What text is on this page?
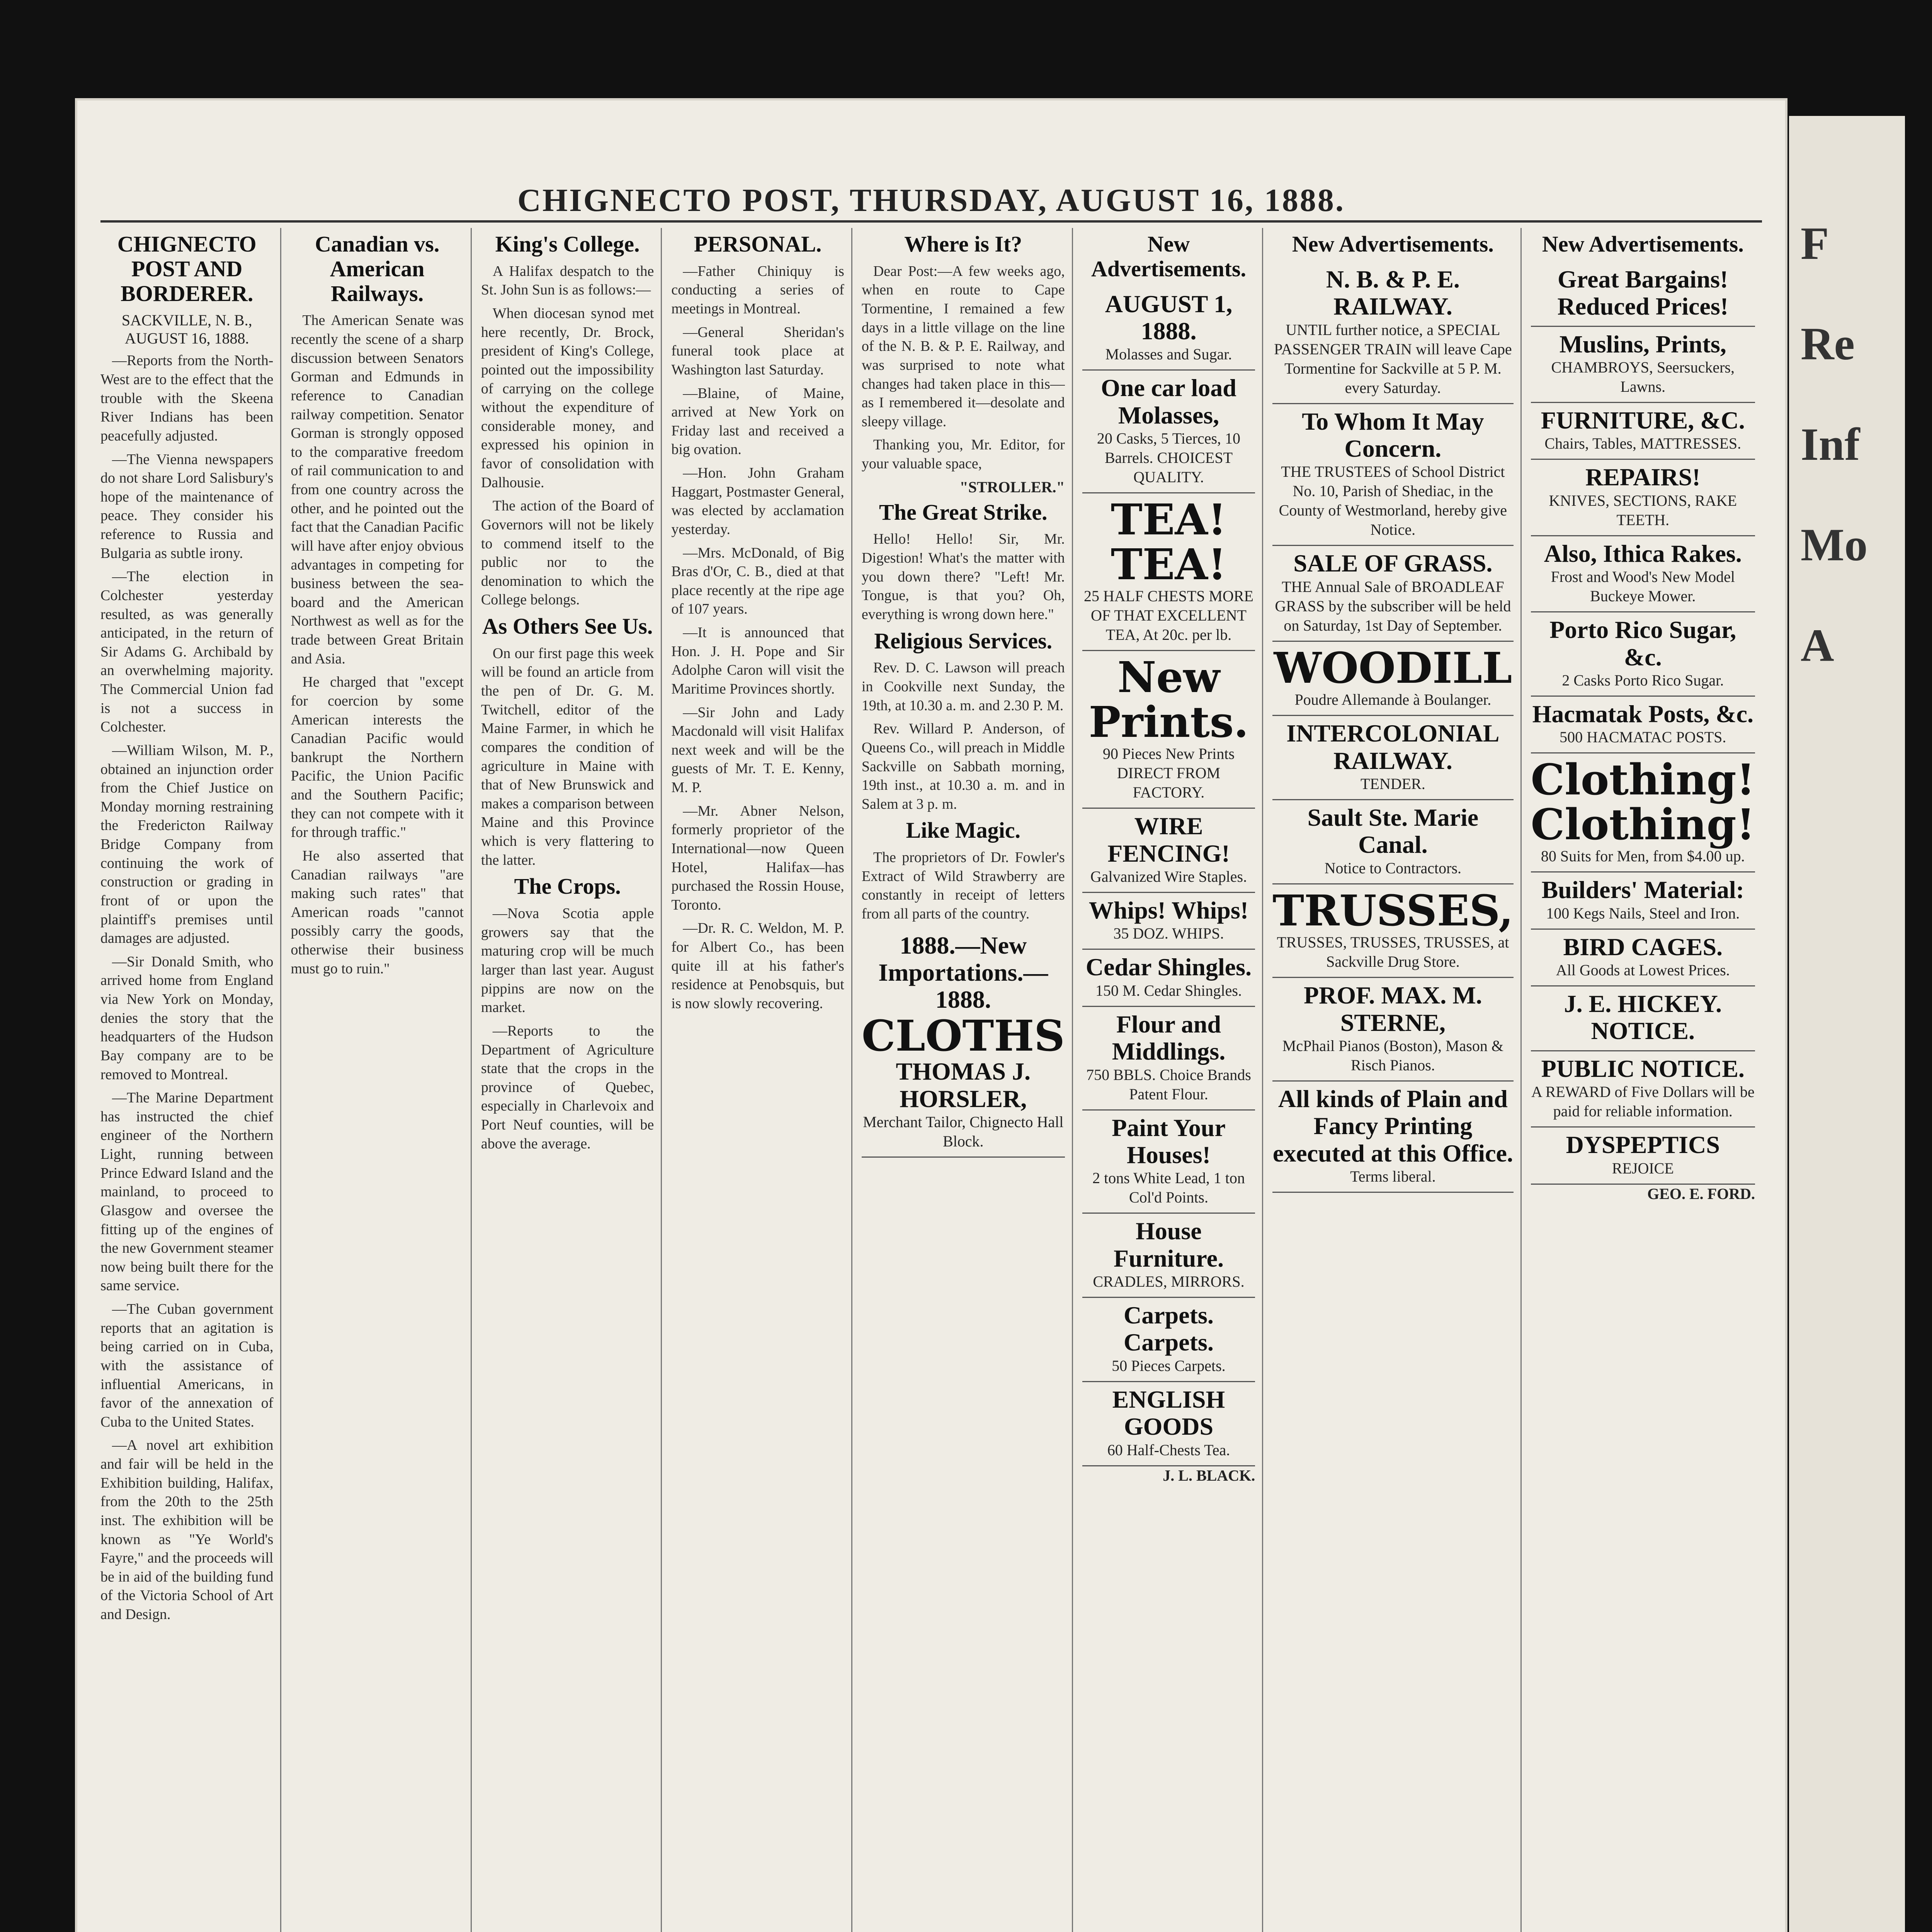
F
Re
Inf
Mo
A
CHIGNECTO POST, THURSDAY, AUGUST 16, 1888.
CHIGNECTO POST AND BORDERER.
SACKVILLE, N. B., AUGUST 16, 1888.

—Reports from the North-West are to the effect that the trouble with the Skeena River Indians has been peacefully adjusted.

—The Vienna newspapers do not share Lord Salisbury's hope of the maintenance of peace. They consider his reference to Russia and Bulgaria as subtle irony.

—The election in Colchester yesterday resulted, as was generally anticipated, in the return of Sir Adams G. Archibald by an overwhelming majority. The Commercial Union fad is not a success in Colchester.

—William Wilson, M. P., obtained an injunction order from the Chief Justice on Monday morning restraining the Fredericton Railway Bridge Company from continuing the work of construction or grading in front of or upon the plaintiff's premises until damages are adjusted.

—Sir Donald Smith, who arrived home from England via New York on Monday, denies the story that the headquarters of the Hudson Bay company are to be removed to Montreal.

—The Marine Department has instructed the chief engineer of the Northern Light, running between Prince Edward Island and the mainland, to proceed to Glasgow and oversee the fitting up of the engines of the new Government steamer now being built there for the same service.

—The Cuban government reports that an agitation is being carried on in Cuba, with the assistance of influential Americans, in favor of the annexation of Cuba to the United States.

—A novel art exhibition and fair will be held in the Exhibition building, Halifax, from the 20th to the 25th inst. The exhibition will be known as "Ye World's Fayre," and the proceeds will be in aid of the building fund of the Victoria School of Art and Design.

Canadian vs. American Railways.

The American Senate was recently the scene of a sharp discussion between Senators Gorman and Edmunds in reference to Canadian railway competition. Senator Gorman is strongly opposed to the comparative freedom of rail communication to and from one country across the other, and he pointed out the fact that the Canadian Pacific will have after enjoy obvious advantages in competing for business between the sea-board and the American Northwest as well as for the trade between Great Britain and Asia.

He charged that "except for coercion by some American interests the Canadian Pacific would bankrupt the Northern Pacific, the Union Pacific and the Southern Pacific; they can not compete with it for through traffic."

He also asserted that Canadian railways "are making such rates" that American roads "cannot possibly carry the goods, otherwise their business must go to ruin."

King's College.

A Halifax despatch to the St. John Sun is as follows:—

When diocesan synod met here recently, Dr. Brock, president of King's College, pointed out the impossibility of carrying on the college without the expenditure of considerable money, and expressed his opinion in favor of consolidation with Dalhousie.

The action of the Board of Governors will not be likely to commend itself to the public nor to the denomination to which the College belongs.

As Others See Us.

On our first page this week will be found an article from the pen of Dr. G. M. Twitchell, editor of the Maine Farmer, in which he compares the condition of agriculture in Maine with that of New Brunswick and makes a comparison between Maine and this Province which is very flattering to the latter.

The Crops.

—Nova Scotia apple growers say that the maturing crop will be much larger than last year. August pippins are now on the market.

—Reports to the Department of Agriculture state that the crops in the province of Quebec, especially in Charlevoix and Port Neuf counties, will be above the average.

PERSONAL.

—Father Chiniquy is conducting a series of meetings in Montreal.

—General Sheridan's funeral took place at Washington last Saturday.

—Blaine, of Maine, arrived at New York on Friday last and received a big ovation.

—Hon. John Graham Haggart, Postmaster General, was elected by acclamation yesterday.

—Mrs. McDonald, of Big Bras d'Or, C. B., died at that place recently at the ripe age of 107 years.

—It is announced that Hon. J. H. Pope and Sir Adolphe Caron will visit the Maritime Provinces shortly.

—Sir John and Lady Macdonald will visit Halifax next week and will be the guests of Mr. T. E. Kenny, M. P.

—Mr. Abner Nelson, formerly proprietor of the International—now Queen Hotel, Halifax—has purchased the Rossin House, Toronto.

—Dr. R. C. Weldon, M. P. for Albert Co., has been quite ill at his father's residence at Penobsquis, but is now slowly recovering.

Where is It?

Dear Post:—A few weeks ago, when en route to Cape Tormentine, I remained a few days in a little village on the line of the N. B. & P. E. Railway, and was surprised to note what changes had taken place in this—as I remembered it—desolate and sleepy village.

Thanking you, Mr. Editor, for your valuable space,

"STROLLER."
The Great Strike.

Hello! Hello! Sir, Mr. Digestion! What's the matter with you down there? "Left! Mr. Tongue, is that you? Oh, everything is wrong down here."

Religious Services.

Rev. D. C. Lawson will preach in Cookville next Sunday, the 19th, at 10.30 a. m. and 2.30 P. M.

Rev. Willard P. Anderson, of Queens Co., will preach in Middle Sackville on Sabbath morning, 19th inst., at 10.30 a. m. and in Salem at 3 p. m.

Like Magic.

The proprietors of Dr. Fowler's Extract of Wild Strawberry are constantly in receipt of letters from all parts of the country.

1888.—New Importations.—1888.
CLOTHS
THOMAS J. HORSLER,
Merchant Tailor, Chignecto Hall Block.
New Advertisements.
AUGUST 1, 1888.
Molasses and Sugar.
One car load Molasses,
20 Casks, 5 Tierces, 10 Barrels. CHOICEST QUALITY.
TEA! TEA!
25 HALF CHESTS MORE OF THAT EXCELLENT TEA, At 20c. per lb.
New Prints.
90 Pieces New Prints DIRECT FROM FACTORY.
WIRE FENCING!
Galvanized Wire Staples.
Whips! Whips!
35 DOZ. WHIPS.
Cedar Shingles.
150 M. Cedar Shingles.
Flour and Middlings.
750 BBLS. Choice Brands Patent Flour.
Paint Your Houses!
2 tons White Lead, 1 ton Col'd Points.
House Furniture.
CRADLES, MIRRORS.
Carpets. Carpets.
50 Pieces Carpets.
ENGLISH GOODS
60 Half-Chests Tea.
J. L. BLACK.
New Advertisements.
N. B. & P. E. RAILWAY.
UNTIL further notice, a SPECIAL PASSENGER TRAIN will leave Cape Tormentine for Sackville at 5 P. M. every Saturday.
To Whom It May Concern.
THE TRUSTEES of School District No. 10, Parish of Shediac, in the County of Westmorland, hereby give Notice.
SALE OF GRASS.
THE Annual Sale of BROADLEAF GRASS by the subscriber will be held on Saturday, 1st Day of September.
WOODILL
Poudre Allemande à Boulanger.
INTERCOLONIAL RAILWAY.
TENDER.
Sault Ste. Marie Canal.
Notice to Contractors.
TRUSSES,
TRUSSES, TRUSSES, TRUSSES, at Sackville Drug Store.
PROF. MAX. M. STERNE,
McPhail Pianos (Boston), Mason & Risch Pianos.
All kinds of Plain and Fancy Printing executed at this Office.
Terms liberal.
New Advertisements.
Great Bargains!
Reduced Prices!
Muslins, Prints,
CHAMBROYS, Seersuckers, Lawns.
FURNITURE, &C.
Chairs, Tables, MATTRESSES.
REPAIRS!
KNIVES, SECTIONS, RAKE TEETH.
Also, Ithica Rakes.
Frost and Wood's New Model Buckeye Mower.
Porto Rico Sugar, &c.
2 Casks Porto Rico Sugar.
Hacmatak Posts, &c.
500 HACMATAC POSTS.
Clothing! Clothing!
80 Suits for Men, from $4.00 up.
Builders' Material:
100 Kegs Nails, Steel and Iron.
BIRD CAGES.
All Goods at Lowest Prices.
J. E. HICKEY.
NOTICE.
PUBLIC NOTICE.
A REWARD of Five Dollars will be paid for reliable information.
DYSPEPTICS
REJOICE
GEO. E. FORD.
